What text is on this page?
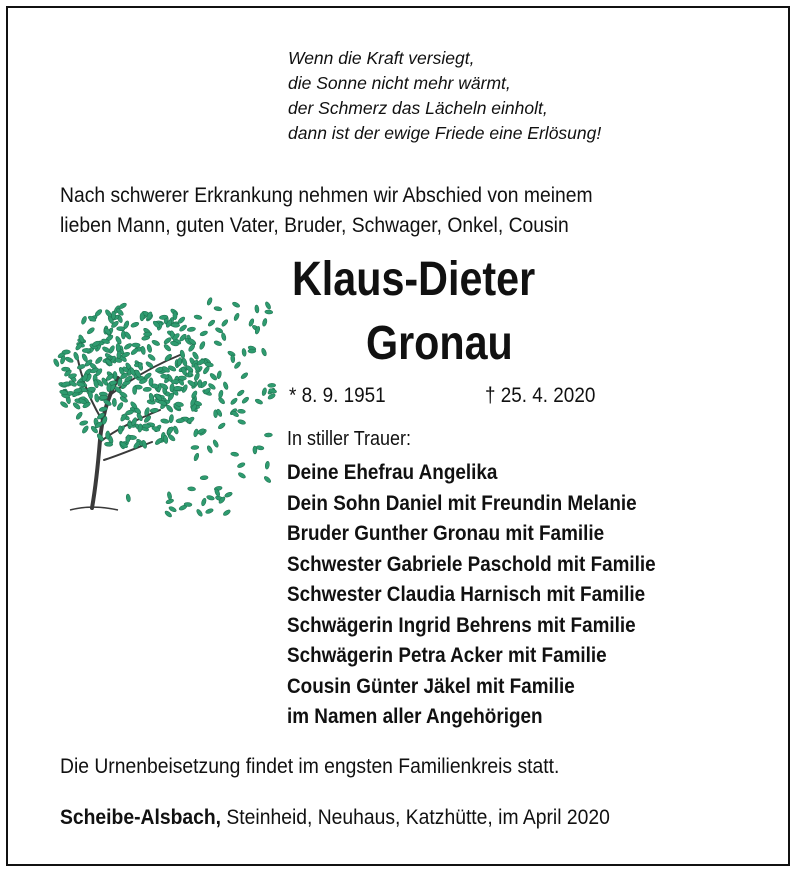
Wenn die Kraft versiegt,
die Sonne nicht mehr wärmt,
der Schmerz das Lächeln einholt,
dann ist der ewige Friede eine Erlösung!
Nach schwerer Erkrankung nehmen wir Abschied von meinem
lieben Mann, guten Vater, Bruder, Schwager, Onkel, Cousin
Klaus-Dieter
Gronau
* 8. 9. 1951	† 25. 4. 2020
In stiller Trauer:
Deine Ehefrau Angelika
Dein Sohn Daniel mit Freundin Melanie
Bruder Gunther Gronau mit Familie
Schwester Gabriele Paschold mit Familie
Schwester Claudia Harnisch mit Familie
Schwägerin Ingrid Behrens mit Familie
Schwägerin Petra Acker mit Familie
Cousin Günter Jäkel mit Familie
im Namen aller Angehörigen
Die Urnenbeisetzung findet im engsten Familienkreis statt.
Scheibe-Alsbach, Steinheid, Neuhaus, Katzhütte, im April 2020
